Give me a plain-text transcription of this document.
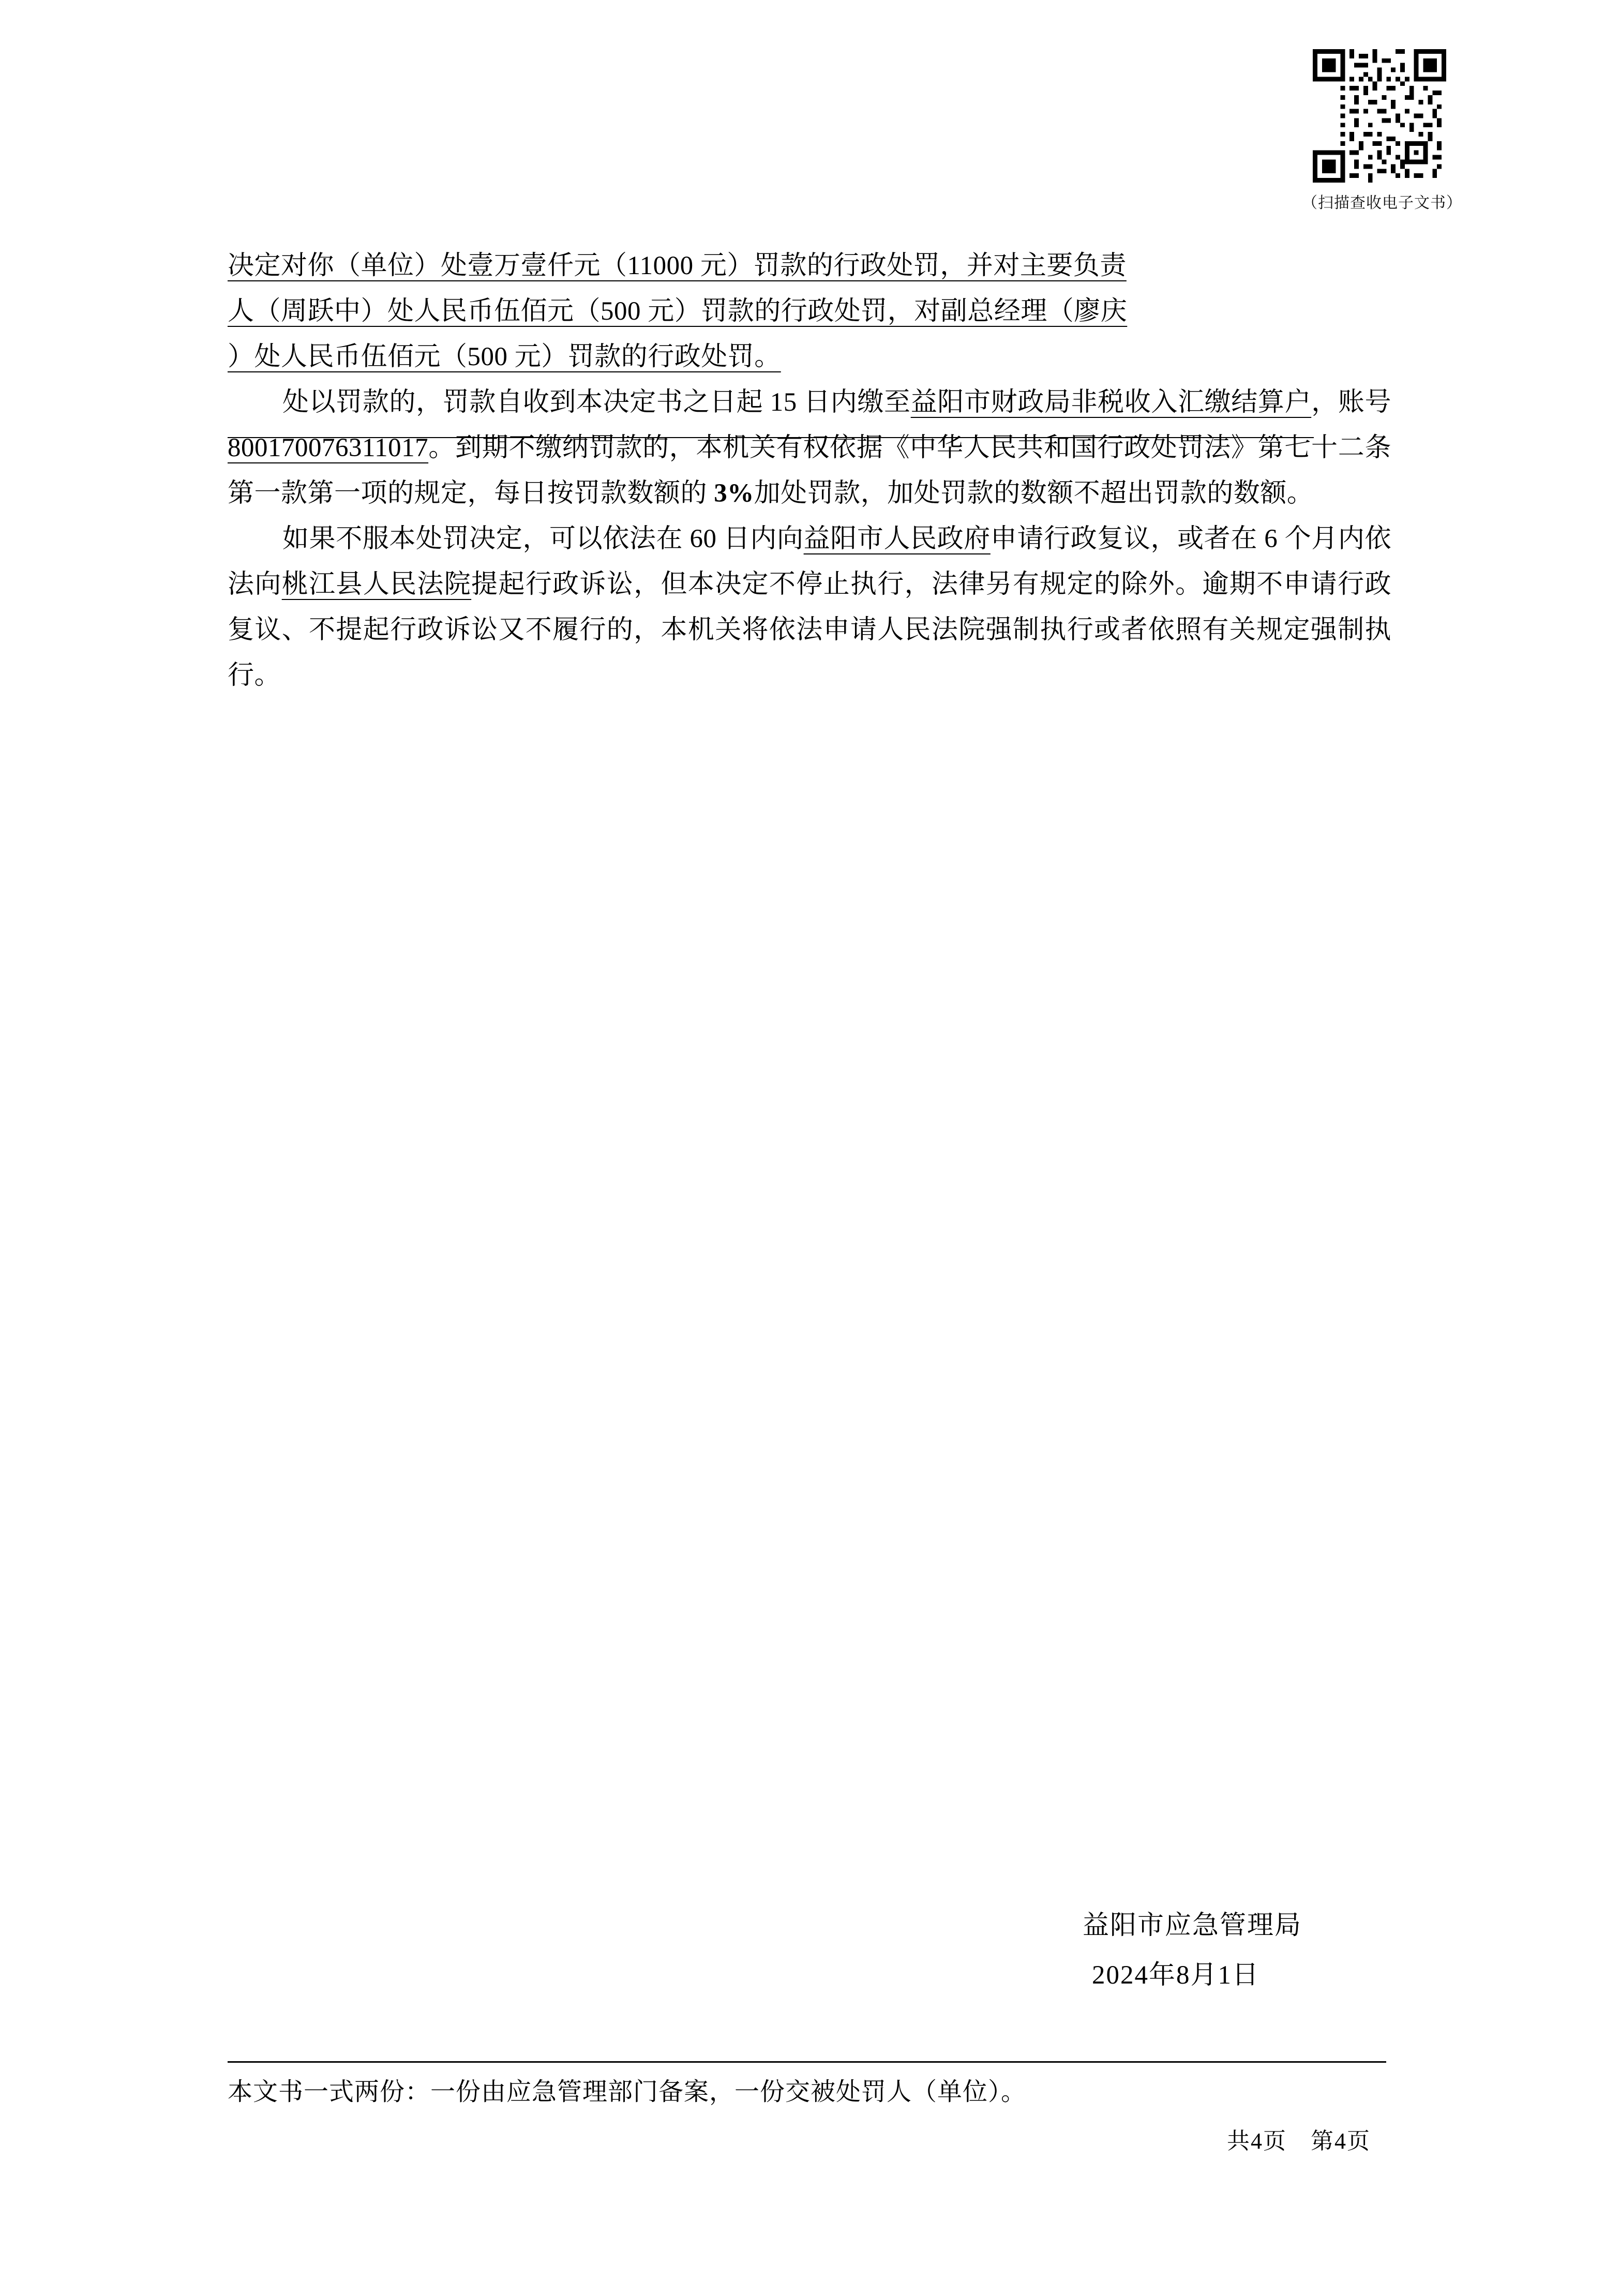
（扫描查收电子文书）

决定对你（单位）处壹万壹仟元（11000 元）罚款的行政处罚，并对主要负责
人（周跃中）处人民币伍佰元（500 元）罚款的行政处罚，对副总经理（廖庆
）处人民币伍佰元（500 元）罚款的行政处罚。

处以罚款的，罚款自收到本决定书之日起 15 日内缴至益阳市财政局非税收入汇缴结算户，账号 800170076311017。到期不缴纳罚款的，本机关有权依据《中华人民共和国行政处罚法》第七十二条第一款第一项的规定，每日按罚款数额的 3%加处罚款，加处罚款的数额不超出罚款的数额。

如果不服本处罚决定，可以依法在 60 日内向益阳市人民政府申请行政复议，或者在 6 个月内依法向桃江县人民法院提起行政诉讼，但本决定不停止执行，法律另有规定的除外。逾期不申请行政复议、不提起行政诉讼又不履行的，本机关将依法申请人民法院强制执行或者依照有关规定强制执行。

益阳市应急管理局
2024年8月1日
本文书一式两份：一份由应急管理部门备案，一份交被处罚人（单位）。
共4页　第4页
